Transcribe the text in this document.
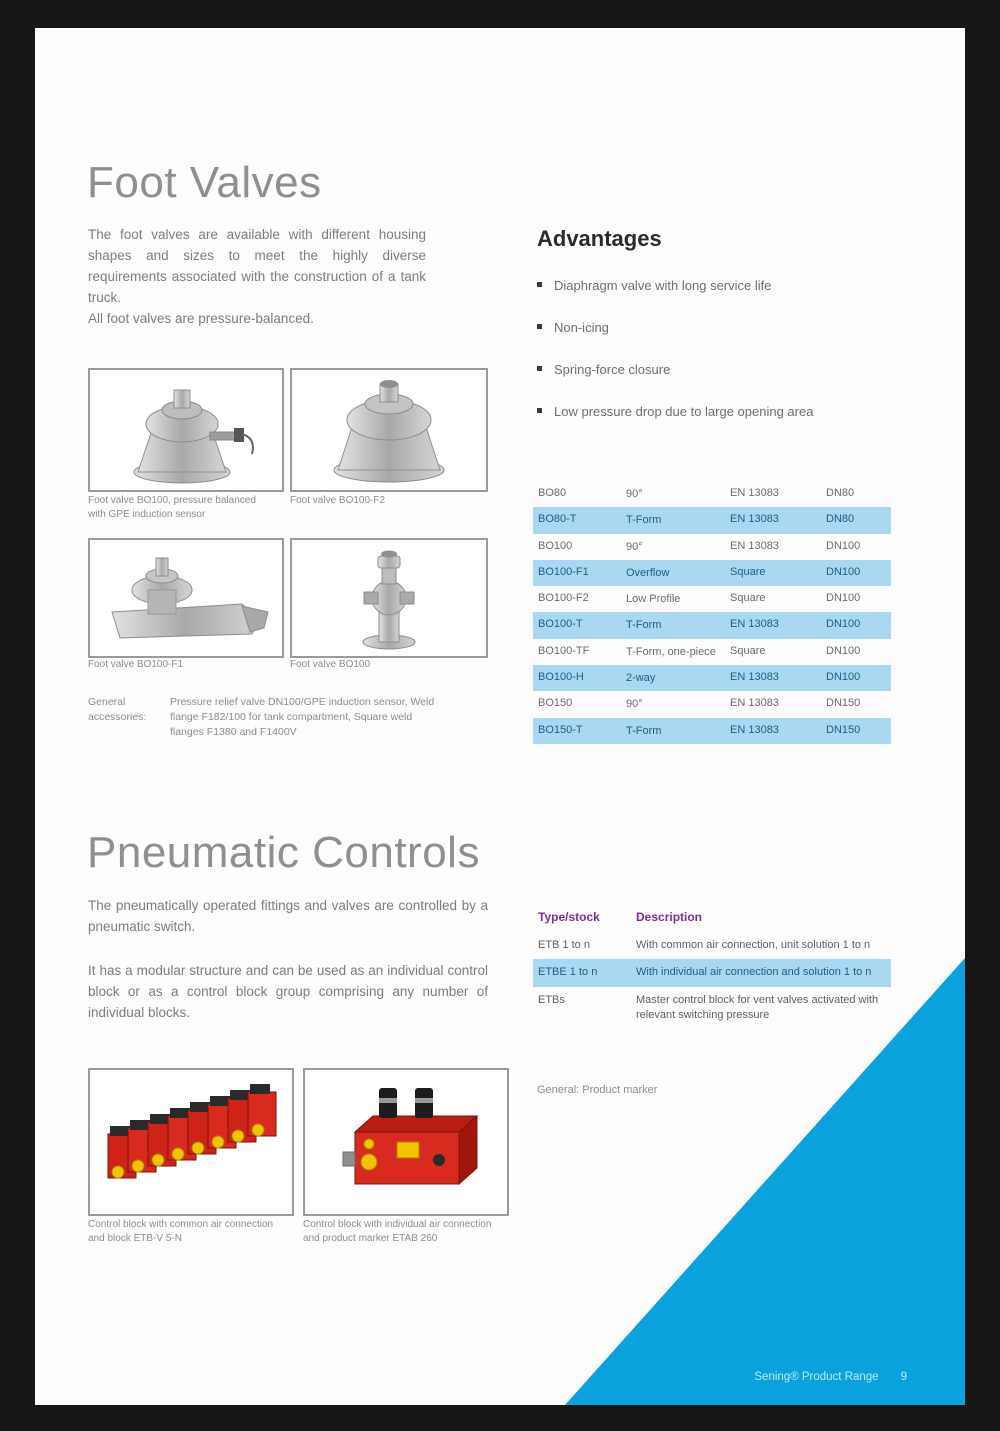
Foot Valves

The foot valves are available with different housing shapes and sizes to meet the highly diverse requirements associated with the construction of a tank truck.
All foot valves are pressure-balanced.

Advantages
Diaphragm valve with long service life
Non-icing
Spring-force closure
Low pressure drop due to large opening area
Foot valve BO100, pressure balanced with GPE induction sensor
Foot valve BO100-F2
Foot valve BO100-F1	Foot valve BO100
General accessories:
Pressure relief valve DN100/GPE induction sensor, Weld flange F182/100 for tank compartment, Square weld flanges F1380 and F1400V
BO80	90°	EN 13083	DN80
BO80-T	T-Form	EN 13083	DN80
BO100	90°	EN 13083	DN100
BO100-F1	Overflow	Square	DN100
BO100-F2	Low Profile	Square	DN100
BO100-T	T-Form	EN 13083	DN100
BO100-TF	T-Form, one-piece	Square	DN100
BO100-H	2-way	EN 13083	DN100
BO150	90°	EN 13083	DN150
BO150-T	T-Form	EN 13083	DN150
Pneumatic Controls

The pneumatically operated fittings and valves are controlled by a pneumatic switch.

It has a modular structure and can be used as an individual control block or as a control block group comprising any number of individual blocks.

Type/stock	Description
ETB 1 to n	With common air connection, unit solution 1 to n
ETBE 1 to n	With individual air connection and solution 1 to n
ETBs	Master control block for vent valves activated with relevant switching pressure
General: Product marker
Control block with common air connection and block ETB-V 5-N
Control block with individual air connection and product marker ETAB 260
Sening® Product Range 9
